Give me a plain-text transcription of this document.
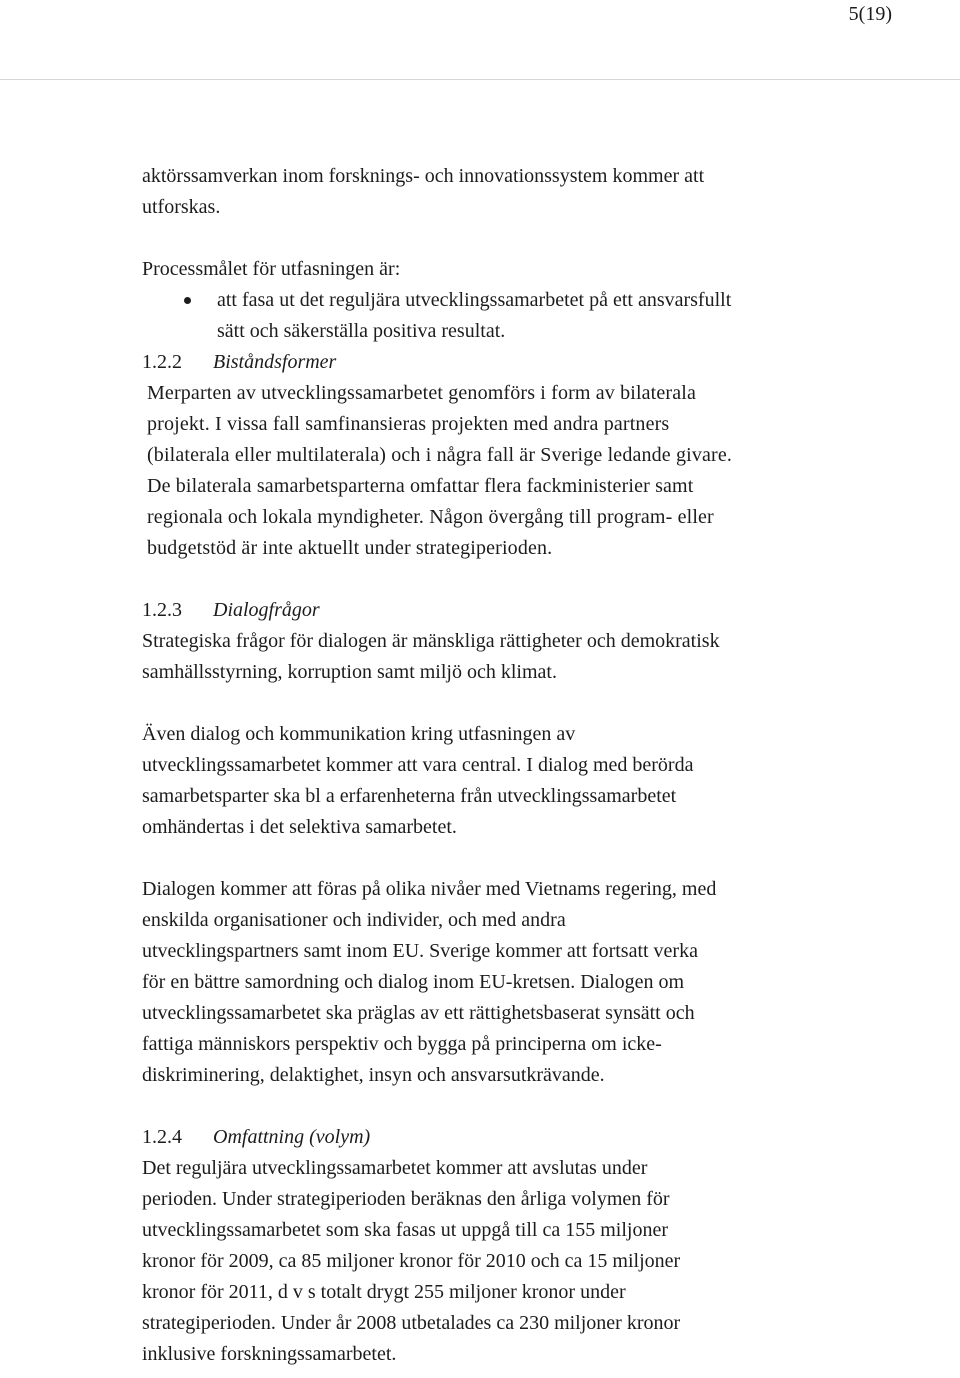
5(19)

aktörssamverkan inom forsknings- och innovationssystem kommer att

utforskas.

Processmålet för utfasningen är:

att fasa ut det reguljära utvecklingssamarbetet på ett ansvarsfullt
sätt och säkerställa positiva resultat.
1.2.2	Biståndsformer

Merparten av utvecklingssamarbetet genomförs i form av bilaterala

projekt. I vissa fall samfinansieras projekten med andra partners

(bilaterala eller multilaterala) och i några fall är Sverige ledande givare.

De bilaterala samarbetsparterna omfattar flera fackministerier samt

regionala och lokala myndigheter. Någon övergång till program- eller

budgetstöd är inte aktuellt under strategiperioden.

1.2.3	Dialogfrågor

Strategiska frågor för dialogen är mänskliga rättigheter och demokratisk

samhällsstyrning, korruption samt miljö och klimat.

Även dialog och kommunikation kring utfasningen av

utvecklingssamarbetet kommer att vara central. I dialog med berörda

samarbetsparter ska bl a erfarenheterna från utvecklingssamarbetet

omhändertas i det selektiva samarbetet.

Dialogen kommer att föras på olika nivåer med Vietnams regering, med

enskilda organisationer och individer, och med andra

utvecklingspartners samt inom EU. Sverige kommer att fortsatt verka

för en bättre samordning och dialog inom EU-kretsen. Dialogen om

utvecklingssamarbetet ska präglas av ett rättighetsbaserat synsätt och

fattiga människors perspektiv och bygga på principerna om icke-

diskriminering, delaktighet, insyn och ansvarsutkrävande.

1.2.4	Omfattning (volym)

Det reguljära utvecklingssamarbetet kommer att avslutas under

perioden. Under strategiperioden beräknas den årliga volymen för

utvecklingssamarbetet som ska fasas ut uppgå till ca 155 miljoner

kronor för 2009, ca 85 miljoner kronor för 2010 och ca 15 miljoner

kronor för 2011, d v s totalt drygt 255 miljoner kronor under

strategiperioden. Under år 2008 utbetalades ca 230 miljoner kronor

inklusive forskningssamarbetet.
